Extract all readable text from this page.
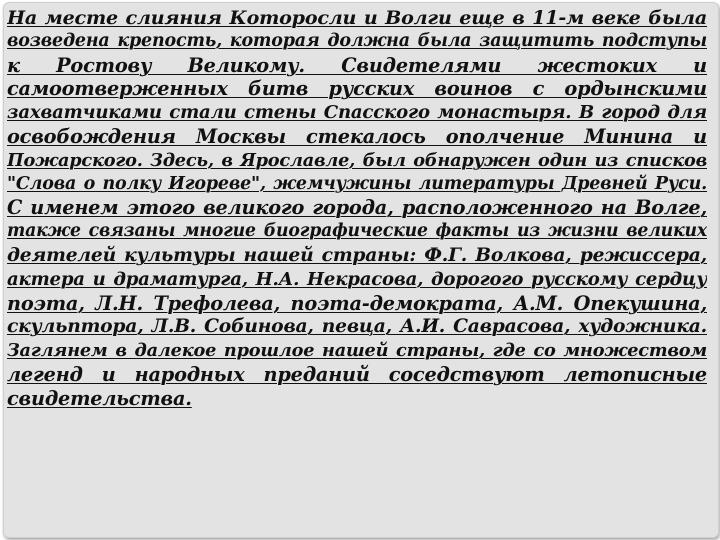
На месте слияния Которосли и Волги еще в 11-м веке была
возведена крепость, которая должна была защитить подступы
к Ростову Великому. Свидетелями жестоких и
самоотверженных битв русских воинов с ордынскими
захватчиками стали стены Спасского монастыря. В город для
освобождения Москвы стекалось ополчение Минина и
Пожарского. Здесь, в Ярославле, был обнаружен один из списков
"Слова о полку Игореве", жемчужины литературы Древней Руси.
С именем этого великого города, расположенного на Волге,
также связаны многие биографические факты из жизни великих
деятелей культуры нашей страны: Ф.Г. Волкова, режиссера,
актера и драматурга, Н.А. Некрасова, дорогого русскому сердцу
поэта, Л.Н. Трефолева, поэта-демократа, А.М. Опекушина,
скульптора, Л.В. Собинова, певца, А.И. Саврасова, художника.
Заглянем в далекое прошлое нашей страны, где со множеством
легенд и народных преданий соседствуют летописные
свидетельства.
